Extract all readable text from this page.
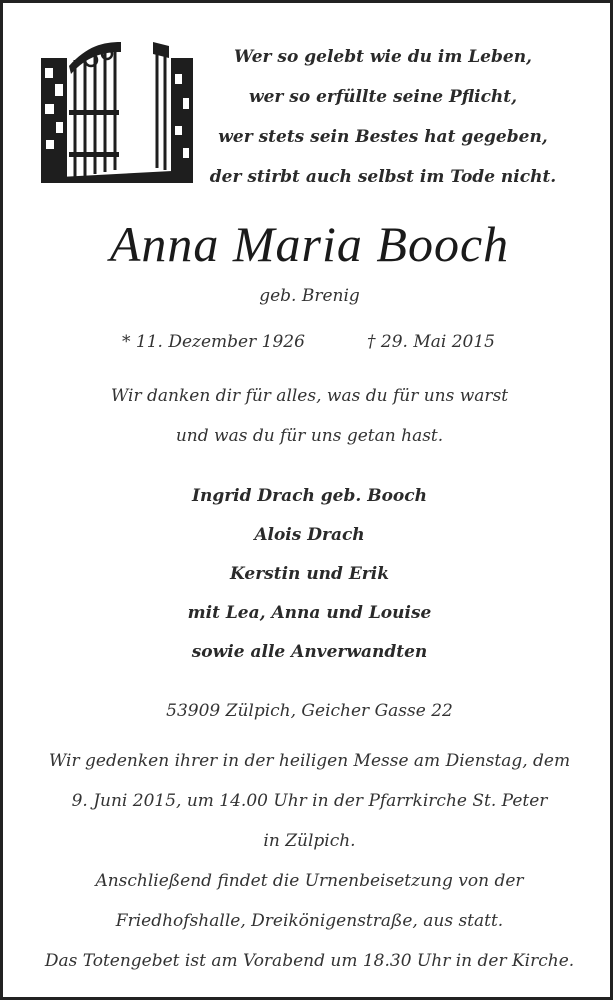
Wer so gelebt wie du im Leben,
wer so erfüllte seine Pflicht,
wer stets sein Bestes hat gegeben,
der stirbt auch selbst im Tode nicht.
Anna Maria Booch
geb. Brenig
* 11. Dezember 1926	† 29. Mai 2015
Wir danken dir für alles, was du für uns warst
und was du für uns getan hast.
Ingrid Drach geb. Booch
Alois Drach
Kerstin und Erik
mit Lea, Anna und Louise
sowie alle Anverwandten
53909 Zülpich, Geicher Gasse 22
Wir gedenken ihrer in der heiligen Messe am Dienstag, dem
9. Juni 2015, um 14.00 Uhr in der Pfarrkirche St. Peter
in Zülpich.
Anschließend findet die Urnenbeisetzung von der
Friedhofshalle, Dreikönigenstraße, aus statt.
Das Totengebet ist am Vorabend um 18.30 Uhr in der Kirche.
